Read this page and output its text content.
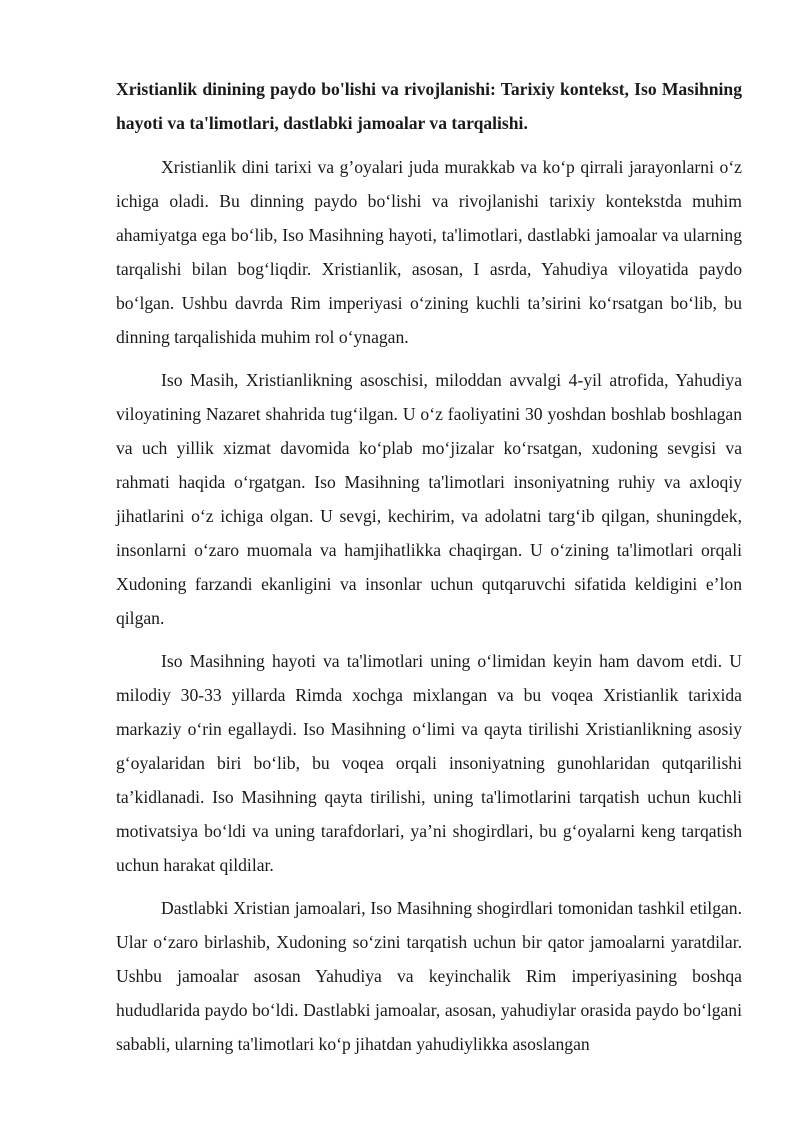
Xristianlik dinining paydo bo'lishi va rivojlanishi: Tarixiy kontekst, Iso Masihning hayoti va ta'limotlari, dastlabki jamoalar va tarqalishi.

Xristianlik dini tarixi va g’oyalari juda murakkab va ko‘p qirrali jarayonlarni o‘z ichiga oladi. Bu dinning paydo bo‘lishi va rivojlanishi tarixiy kontekstda muhim ahamiyatga ega bo‘lib, Iso Masihning hayoti, ta'limotlari, dastlabki jamoalar va ularning tarqalishi bilan bog‘liqdir. Xristianlik, asosan, I asrda, Yahudiya viloyatida paydo bo‘lgan. Ushbu davrda Rim imperiyasi o‘zining kuchli ta’sirini ko‘rsatgan bo‘lib, bu dinning tarqalishida muhim rol o‘ynagan.

Iso Masih, Xristianlikning asoschisi, miloddan avvalgi 4-yil atrofida, Yahudiya viloyatining Nazaret shahrida tug‘ilgan. U o‘z faoliyatini 30 yoshdan boshlab boshlagan va uch yillik xizmat davomida ko‘plab mo‘jizalar ko‘rsatgan, xudoning sevgisi va rahmati haqida o‘rgatgan. Iso Masihning ta'limotlari insoniyatning ruhiy va axloqiy jihatlarini o‘z ichiga olgan. U sevgi, kechirim, va adolatni targ‘ib qilgan, shuningdek, insonlarni o‘zaro muomala va hamjihatlikka chaqirgan. U o‘zining ta'limotlari orqali Xudoning farzandi ekanligini va insonlar uchun qutqaruvchi sifatida keldigini e’lon qilgan.

Iso Masihning hayoti va ta'limotlari uning o‘limidan keyin ham davom etdi. U milodiy 30-33 yillarda Rimda xochga mixlangan va bu voqea Xristianlik tarixida markaziy o‘rin egallaydi. Iso Masihning o‘limi va qayta tirilishi Xristianlikning asosiy g‘oyalaridan biri bo‘lib, bu voqea orqali insoniyatning gunohlaridan qutqarilishi ta’kidlanadi. Iso Masihning qayta tirilishi, uning ta'limotlarini tarqatish uchun kuchli motivatsiya bo‘ldi va uning tarafdorlari, ya’ni shogirdlari, bu g‘oyalarni keng tarqatish uchun harakat qildilar.

Dastlabki Xristian jamoalari, Iso Masihning shogirdlari tomonidan tashkil etilgan. Ular o‘zaro birlashib, Xudoning so‘zini tarqatish uchun bir qator jamoalarni yaratdilar. Ushbu jamoalar asosan Yahudiya va keyinchalik Rim imperiyasining boshqa hududlarida paydo bo‘ldi. Dastlabki jamoalar, asosan, yahudiylar orasida paydo bo‘lgani sababli, ularning ta'limotlari ko‘p jihatdan yahudiylikka asoslangan
